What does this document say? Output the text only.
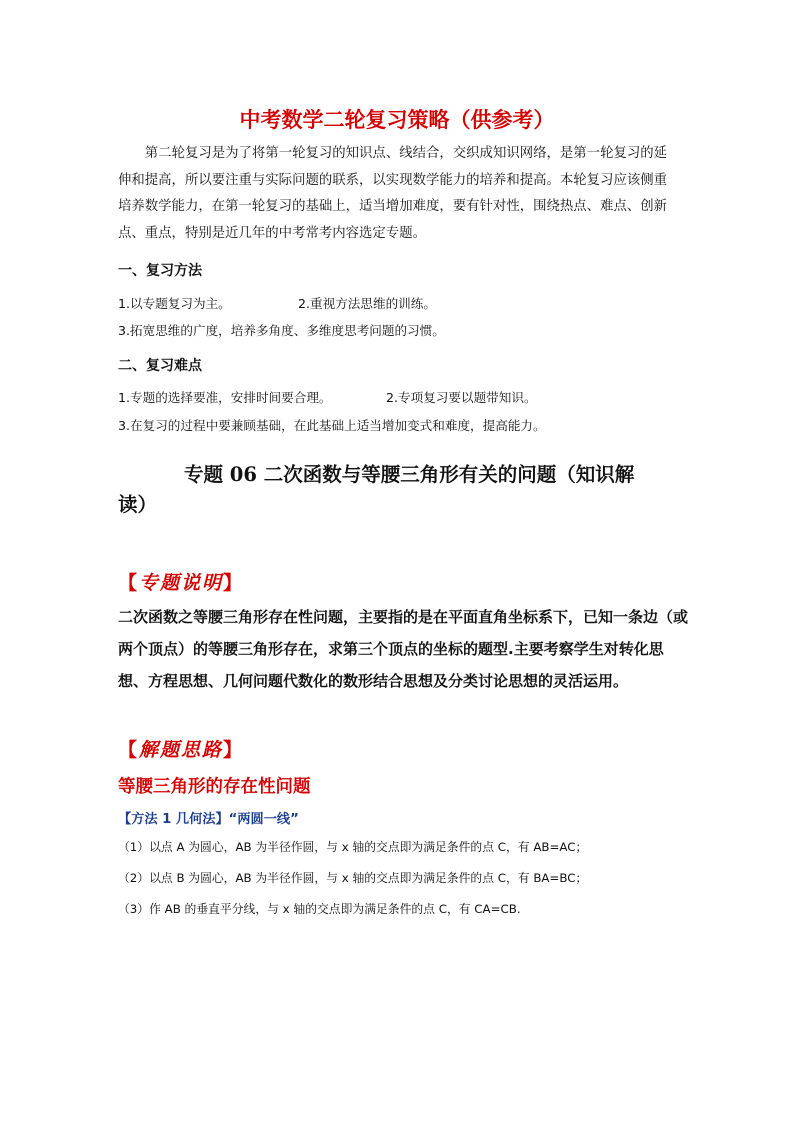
中考数学二轮复习策略（供参考）

第二轮复习是为了将第一轮复习的知识点、线结合，交织成知识网络，是第一轮复习的延伸和提高，所以要注重与实际问题的联系，以实现数学能力的培养和提高。本轮复习应该侧重培养数学能力，在第一轮复习的基础上，适当增加难度，要有针对性，围绕热点、难点、创新点、重点，特别是近几年的中考常考内容选定专题。

一、复习方法
1.以专题复习为主。	2.重视方法思维的训练。
3.拓宽思维的广度，培养多角度、多维度思考问题的习惯。
二、复习难点
1.专题的选择要准，安排时间要合理。	2.专项复习要以题带知识。
3.在复习的过程中要兼顾基础，在此基础上适当增加变式和难度，提高能力。
专题 06 二次函数与等腰三角形有关的问题（知识解
读）
【专题说明】
二次函数之等腰三角形存在性问题，主要指的是在平面直角坐标系下，已知一条边（或两个顶点）的等腰三角形存在，求第三个顶点的坐标的题型.主要考察学生对转化思想、方程思想、几何问题代数化的数形结合思想及分类讨论思想的灵活运用。
【解题思路】
等腰三角形的存在性问题
【方法 1 几何法】“两圆一线”
（1）以点 A 为圆心，AB 为半径作圆，与 x 轴的交点即为满足条件的点 C，有 AB=AC；
（2）以点 B 为圆心，AB 为半径作圆，与 x 轴的交点即为满足条件的点 C，有 BA=BC；
（3）作 AB 的垂直平分线，与 x 轴的交点即为满足条件的点 C，有 CA=CB.
